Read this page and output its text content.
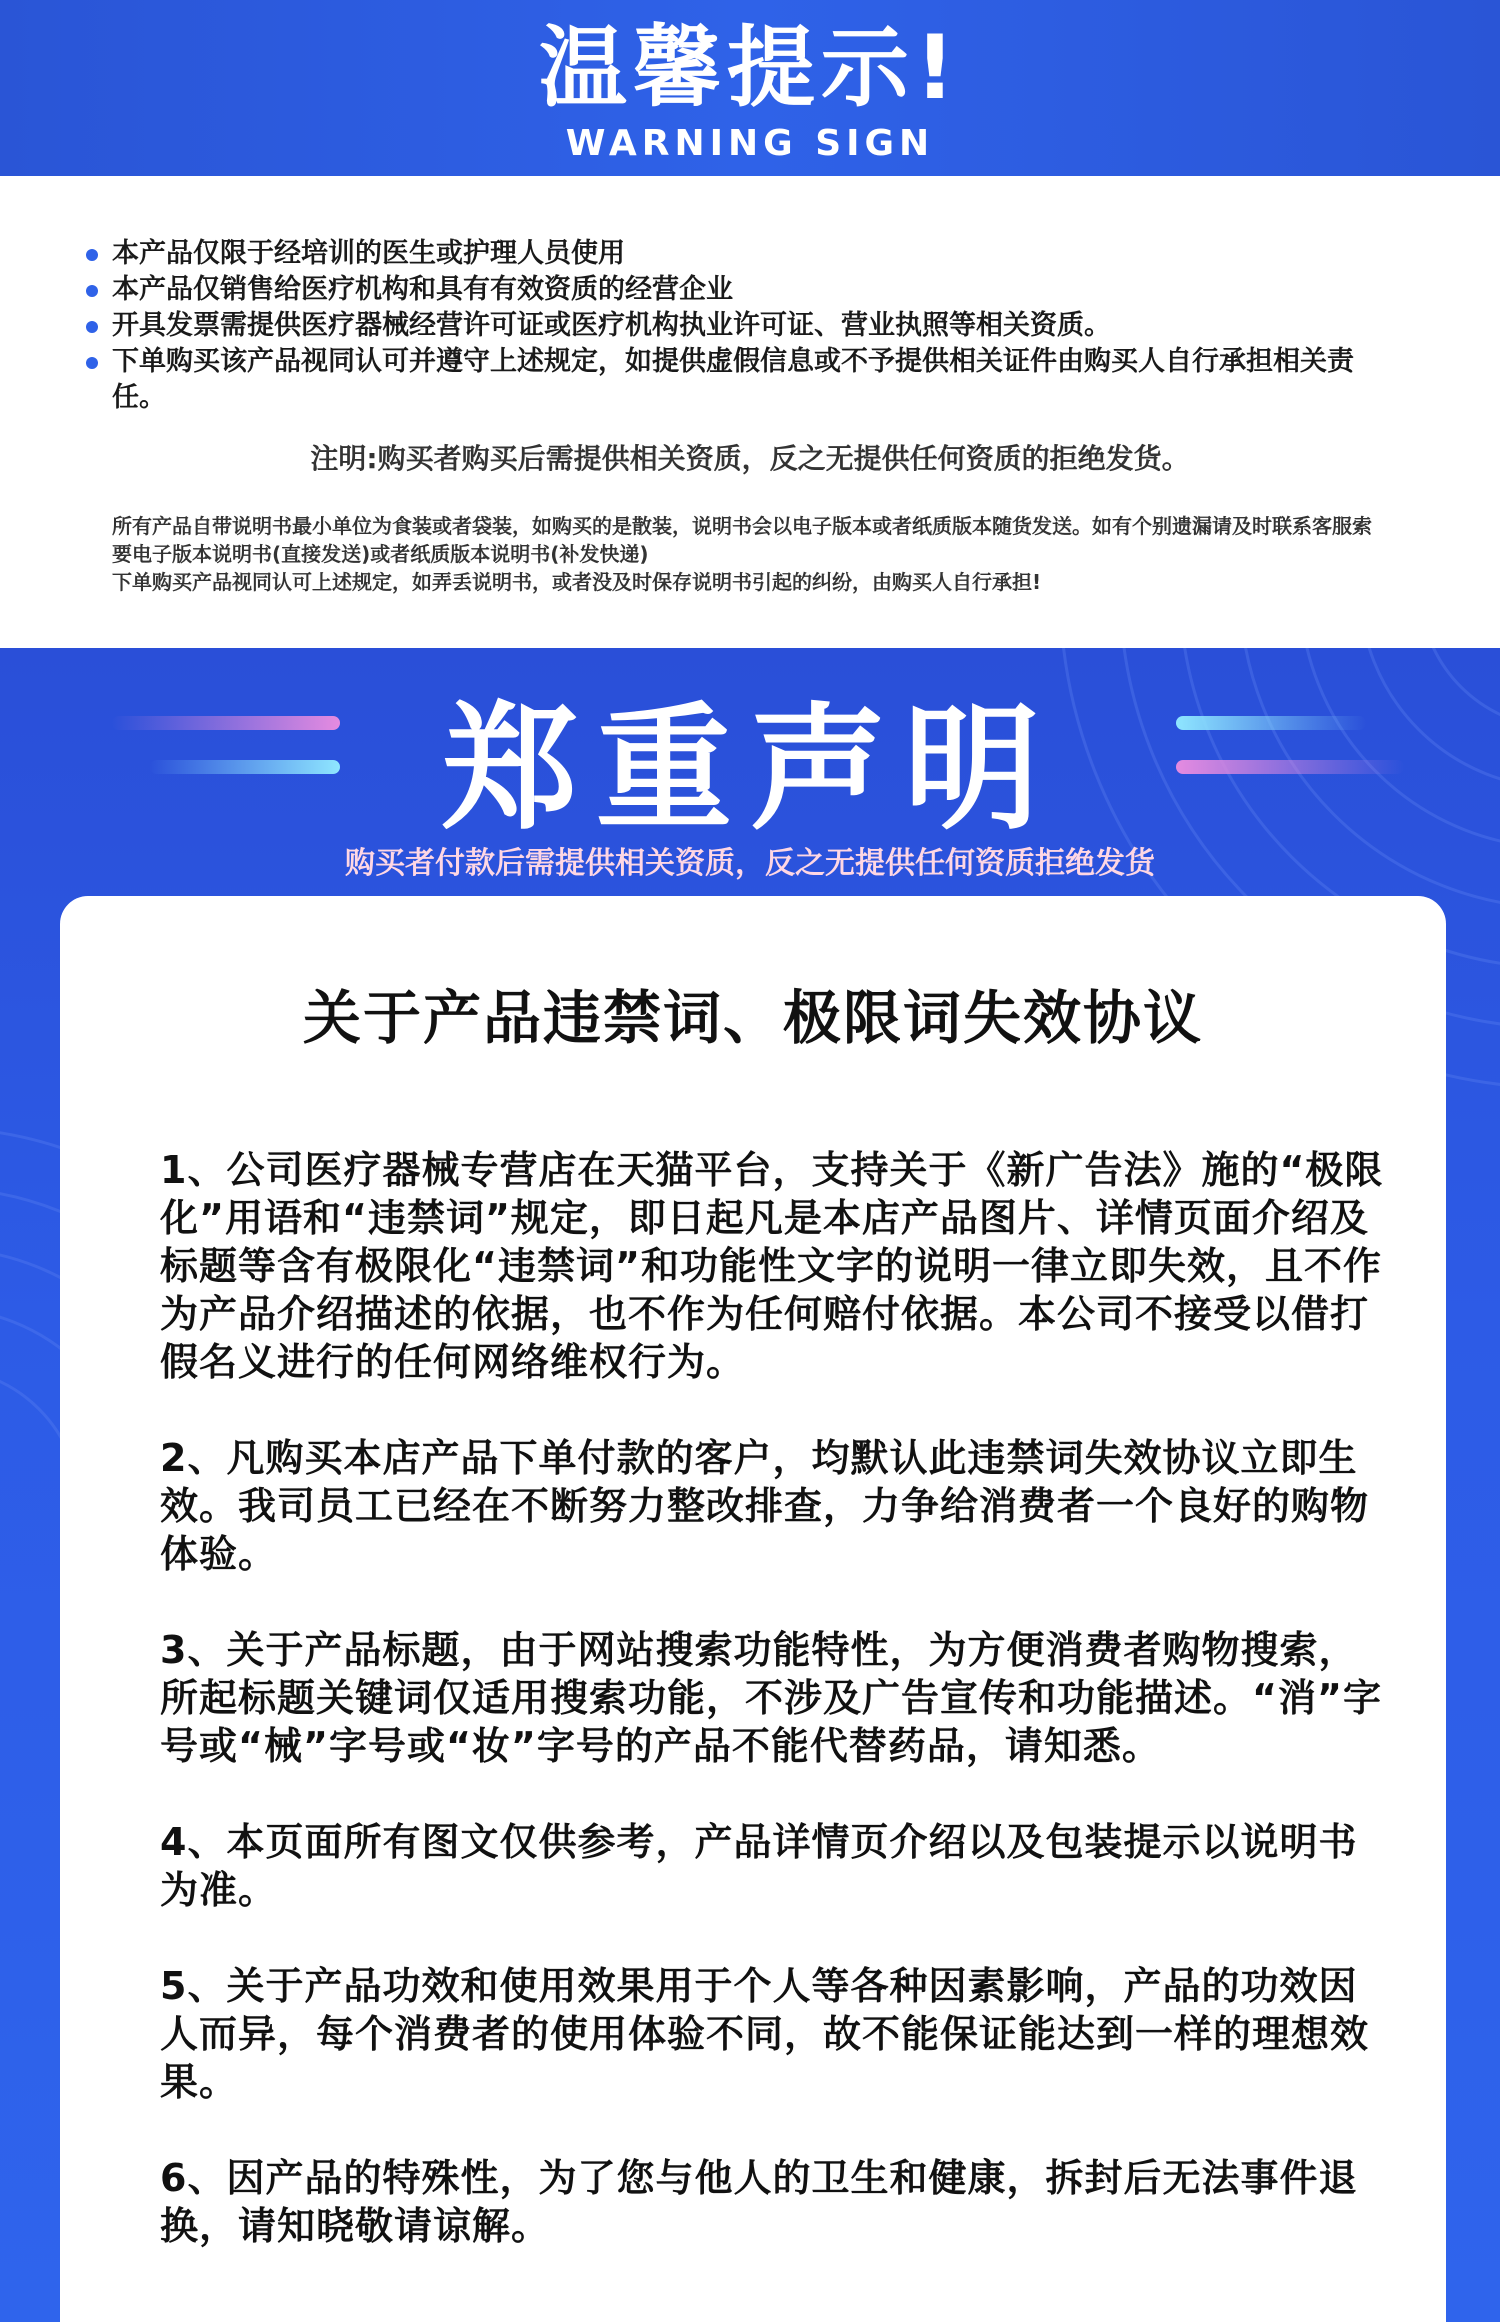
温馨提示!
WARNING SIGN
本产品仅限于经培训的医生或护理人员使用
本产品仅销售给医疗机构和具有有效资质的经营企业
开具发票需提供医疗器械经营许可证或医疗机构执业许可证、营业执照等相关资质。
下单购买该产品视同认可并遵守上述规定，如提供虚假信息或不予提供相关证件由购买人自行承担相关责任。
注明:购买者购买后需提供相关资质，反之无提供任何资质的拒绝发货。
所有产品自带说明书最小单位为食装或者袋装，如购买的是散装，说明书会以电子版本或者纸质版本随货发送。如有个别遗漏请及时联系客服索要电子版本说明书(直接发送)或者纸质版本说明书(补发快递)
下单购买产品视同认可上述规定，如弄丢说明书，或者没及时保存说明书引起的纠纷，由购买人自行承担!
郑重声明
购买者付款后需提供相关资质，反之无提供任何资质拒绝发货
关于产品违禁词、极限词失效协议

1、公司医疗器械专营店在天猫平台，支持关于《新广告法》施的“极限化”用语和“违禁词”规定，即日起凡是本店产品图片、详情页面介绍及标题等含有极限化“违禁词”和功能性文字的说明一律立即失效，且不作为产品介绍描述的依据，也不作为任何赔付依据。本公司不接受以借打假名义进行的任何网络维权行为。

2、凡购买本店产品下单付款的客户，均默认此违禁词失效协议立即生效。我司员工已经在不断努力整改排查，力争给消费者一个良好的购物体验。

3、关于产品标题，由于网站搜索功能特性，为方便消费者购物搜索，所起标题关键词仅适用搜索功能，不涉及广告宣传和功能描述。“消”字号或“械”字号或“妆”字号的产品不能代替药品，请知悉。

4、本页面所有图文仅供参考，产品详情页介绍以及包装提示以说明书为准。

5、关于产品功效和使用效果用于个人等各种因素影响，产品的功效因人而异，每个消费者的使用体验不同，故不能保证能达到一样的理想效果。

6、因产品的特殊性，为了您与他人的卫生和健康，拆封后无法事件退换，请知晓敬请谅解。
